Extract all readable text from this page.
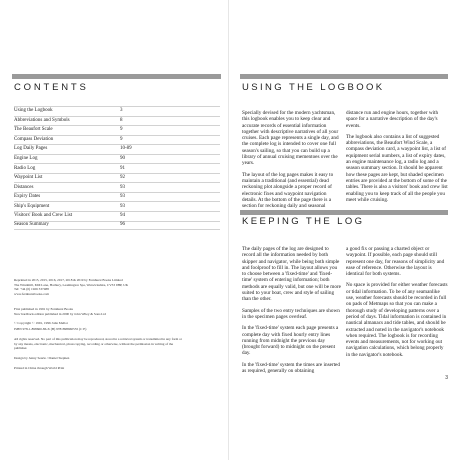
CONTENTS
Using the Logbook	3
Abbreviations and Symbols	8
The Beaufort Scale	9
Compass Deviation	9
Log Daily Pages	10-89
Engine Log	90
Radio Log	91
Waypoint List	92
Distances	93
Expiry Dates	93
Ship's Equipment	93
Visitors' Book and Crew List	94
Season Summary	96
Reprinted in 2015, 2015, 2016, 2017, 2018 & 2019 by Fernhurst Books Limited
The Windmill, Mill Lane, Harbury, Leamington Spa, Warwickshire, CV33 9HP, UK
Tel: +44 (0) 1926 337488
www.fernhurstbooks.com
First published in 1991 by Fernhurst Books
New hardback edition published in 2000 by John Wiley & Sons Ltd
© Copyright © 1991, 1996 John Mellor
ISBN 978-1-898660-86-X (B) 9781898660555 (C E)
All rights reserved. No part of this publication may be reproduced, stored in a retrieval system or transmitted in any form or by any means, electronic, mechanical, photocopying, recording or otherwise, without the permission in writing of the publisher.
Design by Jenny Searle / Daniel Stephen
Printed in China through World Print
USING THE LOGBOOK

Specially devised for the modern yachtsman, this logbook enables you to keep clear and accurate records of essential information together with descriptive narratives of all your cruises. Each page represents a single day, and the complete log is intended to cover one full season's sailing, so that you can build up a library of annual cruising mementoes over the years.

The layout of the log pages makes it easy to maintain a traditional (and essential) dead reckoning plot alongside a proper record of electronic fixes and waypoint navigation details. At the bottom of the page there is a section for reckoning daily and seasonal

distance run and engine hours, together with space for a narrative description of the day's events.

The logbook also contains a list of suggested abbreviations, the Beaufort Wind Scale, a compass deviation card, a waypoint list, a list of equipment serial numbers, a list of expiry dates, an engine maintenance log, a radio log and a season summary section. It should be apparent how these pages are kept, but shaded specimen entries are provided at the bottom of some of the tables. There is also a visitors' book and crew list enabling you to keep track of all the people you meet while cruising.

KEEPING THE LOG

The daily pages of the log are designed to record all the information needed by both skipper and navigator, while being both simple and foolproof to fill in. The layout allows you to choose between a 'fixed-time' and 'fixed-time' system of entering information; both methods are equally valid, but one will be more suited to your boat, crew and style of sailing than the other.

Samples of the two entry techniques are shown in the specimen pages overleaf.

In the 'fixed-time' system each page presents a complete day with fixed hourly entry lines running from midnight the previous day (brought forward) to midnight on the present day.

In the 'fixed-time' system the times are inserted as required, generally on obtaining

a good fix or passing a charted object or waypoint. If possible, each page should still represent one day, for reasons of simplicity and ease of reference. Otherwise the layout is identical for both systems.

No space is provided for either weather forecasts or tidal information. To be of any seamanlike use, weather forecasts should be recorded in full on pads of Metmaps so that you can make a thorough study of developing patterns over a period of days. Tidal information is contained in nautical almanacs and tide tables, and should be extracted and noted in the navigator's notebook when required. The logbook is for recording events and measurements, not for working out navigation calculations, which belong properly in the navigator's notebook.

3
